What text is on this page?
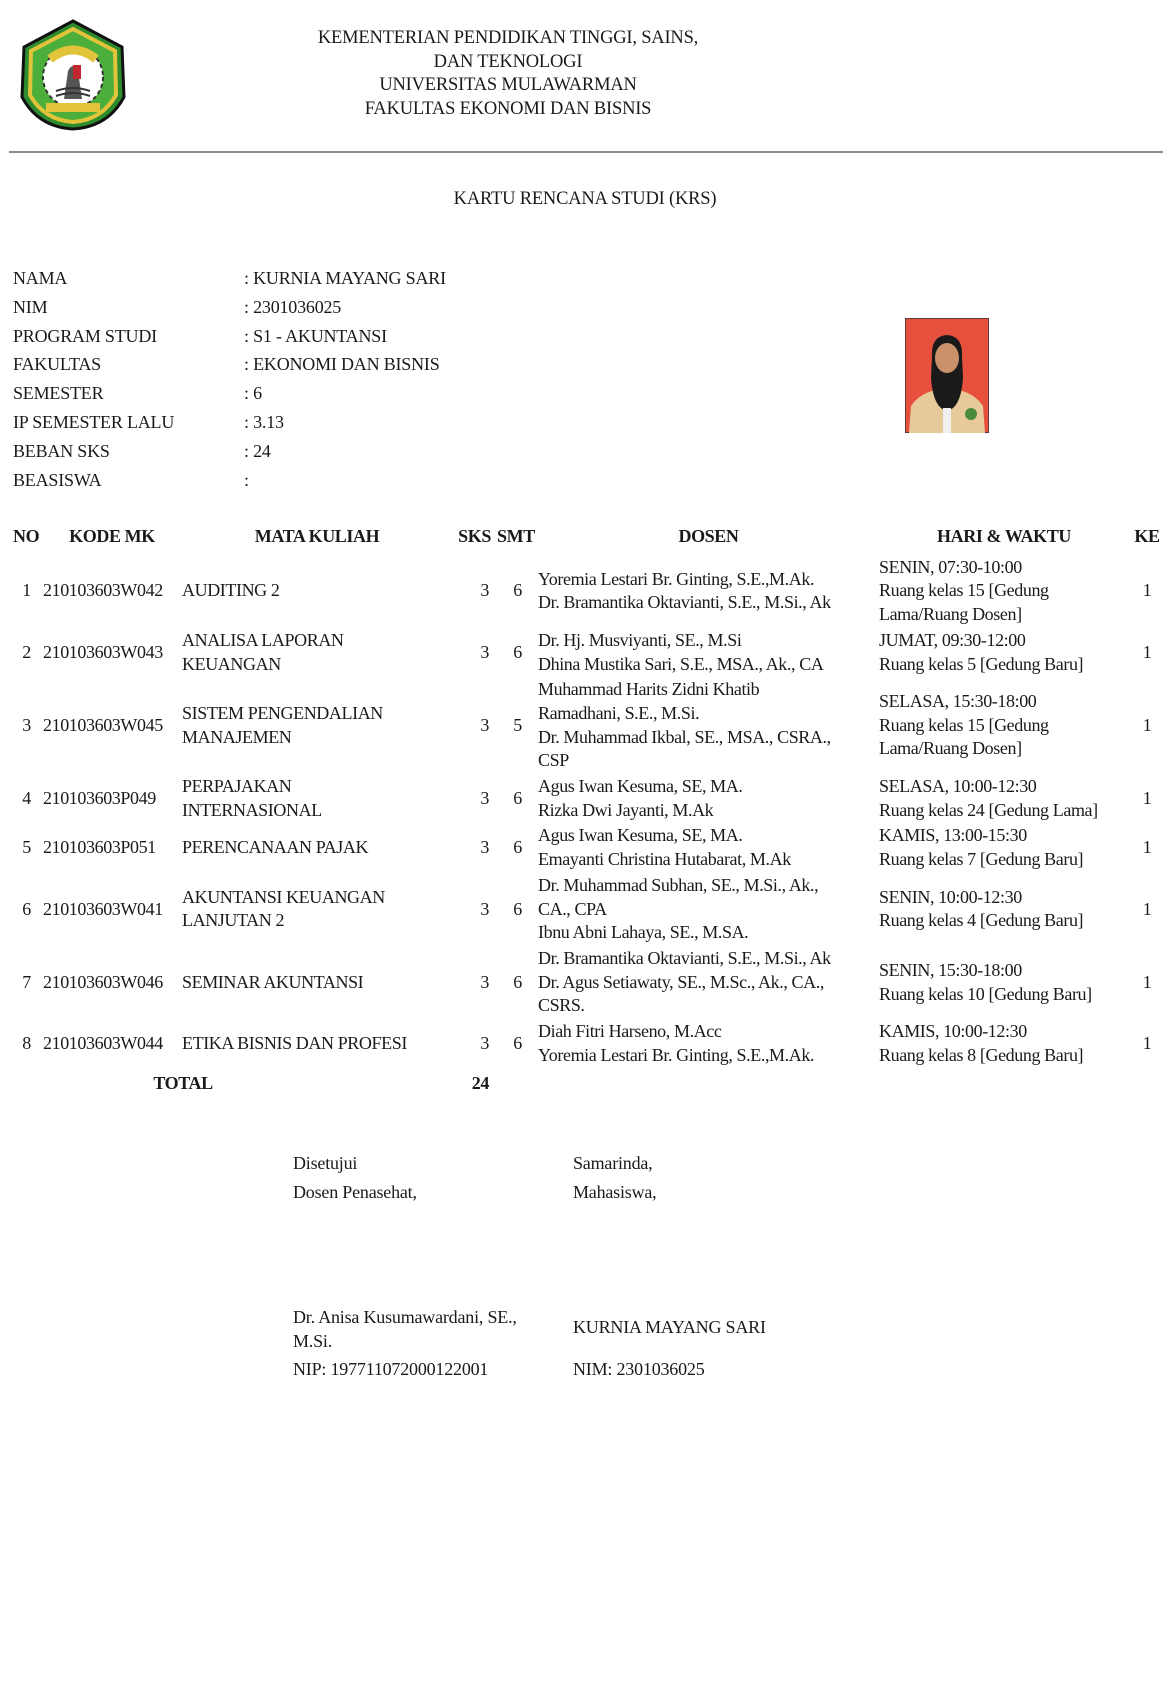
KEMENTERIAN PENDIDIKAN TINGGI, SAINS,
DAN TEKNOLOGI
UNIVERSITAS MULAWARMAN
FAKULTAS EKONOMI DAN BISNIS
KARTU RENCANA STUDI (KRS)
NAMA	: KURNIA MAYANG SARI
NIM	: 2301036025
PROGRAM STUDI	: S1 - AKUNTANSI
FAKULTAS	: EKONOMI DAN BISNIS
SEMESTER	: 6
IP SEMESTER LALU	: 3.13
BEBAN SKS	: 24
BEASISWA	:
NO	KODE MK	MATA KULIAH	SKS	SMT	DOSEN	HARI & WAKTU	KE
1	210103603W042	AUDITING 2	3	6	Yoremia Lestari Br. Ginting, S.E.,M.Ak.
Dr. Bramantika Oktavianti, S.E., M.Si., Ak	SENIN, 07:30-10:00
Ruang kelas 15 [Gedung
Lama/Ruang Dosen]	1
2	210103603W043	ANALISA LAPORAN
KEUANGAN	3	6	Dr. Hj. Musviyanti, SE., M.Si
Dhina Mustika Sari, S.E., MSA., Ak., CA	JUMAT, 09:30-12:00
Ruang kelas 5 [Gedung Baru]	1
3	210103603W045	SISTEM PENGENDALIAN
MANAJEMEN	3	5	Muhammad Harits Zidni Khatib
Ramadhani, S.E., M.Si.
Dr. Muhammad Ikbal, SE., MSA., CSRA.,
CSP	SELASA, 15:30-18:00
Ruang kelas 15 [Gedung
Lama/Ruang Dosen]	1
4	210103603P049	PERPAJAKAN
INTERNASIONAL	3	6	Agus Iwan Kesuma, SE, MA.
Rizka Dwi Jayanti, M.Ak	SELASA, 10:00-12:30
Ruang kelas 24 [Gedung Lama]	1
5	210103603P051	PERENCANAAN PAJAK	3	6	Agus Iwan Kesuma, SE, MA.
Emayanti Christina Hutabarat, M.Ak	KAMIS, 13:00-15:30
Ruang kelas 7 [Gedung Baru]	1
6	210103603W041	AKUNTANSI KEUANGAN
LANJUTAN 2	3	6	Dr. Muhammad Subhan, SE., M.Si., Ak.,
CA., CPA
Ibnu Abni Lahaya, SE., M.SA.	SENIN, 10:00-12:30
Ruang kelas 4 [Gedung Baru]	1
7	210103603W046	SEMINAR AKUNTANSI	3	6	Dr. Bramantika Oktavianti, S.E., M.Si., Ak
Dr. Agus Setiawaty, SE., M.Sc., Ak., CA.,
CSRS.	SENIN, 15:30-18:00
Ruang kelas 10 [Gedung Baru]	1
8	210103603W044	ETIKA BISNIS DAN PROFESI	3	6	Diah Fitri Harseno, M.Acc
Yoremia Lestari Br. Ginting, S.E.,M.Ak.	KAMIS, 10:00-12:30
Ruang kelas 8 [Gedung Baru]	1
	TOTAL		24				
Disetujui
Dosen Penasehat,
Dr. Anisa Kusumawardani, SE.,
M.Si.
NIP: 197711072000122001
Samarinda,
Mahasiswa,
KURNIA MAYANG SARI
NIM: 2301036025
